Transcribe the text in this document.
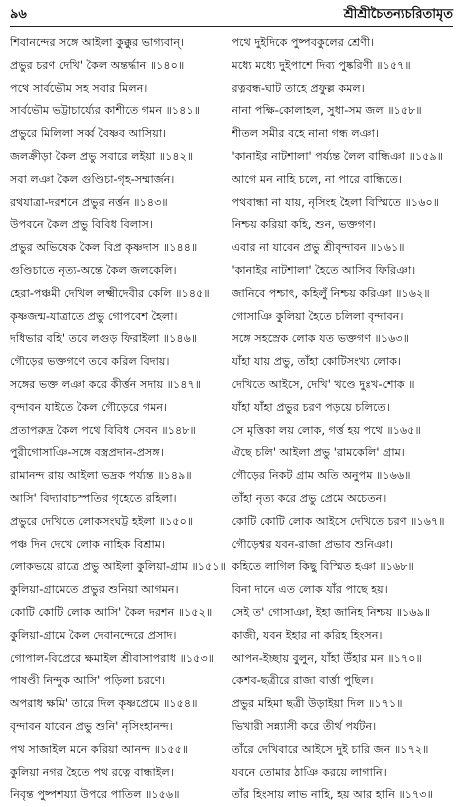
৯৬	শ্রীশ্রীচৈতন্যচরিতামৃত
শিবানন্দের সঙ্গে আইলা কুক্কুর ভাগ্যবান্।
প্রভুর চরণ দেখি' কৈল অন্তর্দ্ধান ॥১৪০॥
পথে সার্বভৌম সহ সবার মিলন।
সার্বভৌম ভট্টাচার্য্যের কাশীতে গমন ॥১৪১॥
প্রভুরে মিলিলা সর্ব্ব বৈষ্ণব আসিয়া।
জলক্রীড়া কৈল প্রভু সবারে লইয়া ॥১৪২॥
সবা লঞা কৈল গুণ্ডিচা-গৃহ-সম্মার্জন।
রথযাত্রা-দরশনে প্রভুর নর্ত্তন ॥১৪৩॥
উপবনে কৈল প্রভু বিবিধ বিলাস।
প্রভুর অভিষেক কৈল বিপ্র কৃষ্ণদাস ॥১৪৪॥
গুণ্ডিচাতে নৃত্য-অন্তে কৈল জলকেলি।
হেরা-পঞ্চমী দেখিল লক্ষ্মীদেবীর কেলি ॥১৪৫॥
কৃষ্ণজন্ম-যাত্রাতে প্রভু গোপবেশ হৈলা।
দধিভার বহি' তবে লগুড় ফিরাইলা ॥১৪৬॥
গৌড়ের ভক্তগণে তবে করিল বিদায়।
সঙ্গের ভক্ত লঞা করে কীর্ত্তন সদায় ॥১৪৭॥
বৃন্দাবন যাইতে কৈল গৌড়েরে গমন।
প্রতাপরুদ্র কৈল পথে বিবিধ সেবন ॥১৪৮॥
পুরীগোসাঞি-সঙ্গে বস্ত্রপ্রদান-প্রসঙ্গ।
রামানন্দ রায় আইলা ভদ্রক পর্য্যন্ত ॥১৪৯॥
আসি' বিদ্যাবাচস্পতির গৃহেতে রহিলা।
প্রভুরে দেখিতে লোকসংঘট্ট হইলা ॥১৫০॥
পঞ্চ দিন দেখে লোক নাহিক বিশ্রাম।
লোকভয়ে রাত্রে প্রভু আইলা কুলিয়া-গ্রাম ॥১৫১॥
কুলিয়া-গ্রামেতে প্রভুর শুনিয়া আগমন।
কোটি কোটি লোক আসি' কৈল দরশন ॥১৫২॥
কুলিয়া-গ্রামে কৈল দেবানন্দেরে প্রসাদ।
গোপাল-বিপ্রেরে ক্ষমাইল শ্রীবাসাপরাধ ॥১৫৩॥
পাষণ্ডী নিন্দুক আসি' পড়িলা চরণে।
অপরাধ ক্ষমি' তারে দিল কৃষ্ণপ্রেমে ॥১৫৪॥
বৃন্দাবন যাবেন প্রভু শুনি' নৃসিংহানন্দ।
পথ সাজাইল মনে করিয়া আনন্দ ॥১৫৫॥
কুলিয়া নগর হৈতে পথ রত্নে বান্ধাইল।
নিবৃন্ত পুষ্পশয্যা উপরে পাতিল ॥১৫৬॥
পথে দুইদিকে পুষ্পবকুলের শ্রেণী।
মধ্যে মধ্যে দুইপাশে দিব্য পুষ্করিণী ॥১৫৭॥
রত্নবন্ধ-ঘাট তাহে প্রফুল্ল কমল।
নানা পক্ষি-কোলাহল, সুধা-সম জল ॥১৫৮॥
শীতল সমীর বহে নানা গন্ধ লঞা।
'কানাইর নাটশালা' পর্য্যন্ত লৈল বান্ধিঞা ॥১৫৯॥
আগে মন নাহি চলে, না পারে বান্ধিতে।
পথবান্ধা না যায়, নৃসিংহ হৈলা বিস্মিতে ॥১৬০॥
নিশ্চয় করিয়া কহি, শুন, ভক্তগণ।
এবার না যাবেন প্রভু শ্রীবৃন্দাবন ॥১৬১॥
'কানাইর নাটশালা' হৈতে আসিব ফিরিঞা।
জানিবে পশ্চাৎ, কহিলুঁ নিশ্চয় করিঞা ॥১৬২॥
গোসাঞি কুলিয়া হৈতে চলিলা বৃন্দাবন।
সঙ্গে সহস্রেক লোক যত ভক্তগণ ॥১৬৩॥
যাঁহা যায় প্রভু, তাঁহা কোটিসংখ্য লোক।
দেখিতে আইসে, দেখি' খণ্ডে দুঃখ-শোক ॥
যাঁহা যাঁহা প্রভুর চরণ পড়য়ে চলিতে।
সে মৃত্তিকা লয় লোক, গর্ত্ত হয় পথে ॥১৬৫॥
ঐছে চলি' আইলা প্রভু 'রামকেলি' গ্রাম।
গৌড়ের নিকট গ্রাম অতি অনুপম ॥১৬৬॥
তাঁহা নৃত্য করে প্রভু প্রেমে অচেতন।
কোটি কোটি লোক আইসে দেখিতে চরণ ॥১৬৭॥
গৌড়েশ্বর যবন-রাজা প্রভাব শুনিঞা।
কহিতে লাগিল কিছু বিস্মিত হঞা ॥১৬৮॥
বিনা দানে এত লোক যাঁর পাছে হয়।
সেই ত' গোসাঞা, ইহা জানিহ নিশ্চয় ॥১৬৯॥
কাজী, যবন ইহার না করিহ হিংসন।
আপন-ইচ্ছায় বুলুন, যাঁহা উঁহার মন ॥১৭০॥
কেশব-ছত্রীরে রাজা বার্ত্তা পুছিল।
প্রভুর মহিমা ছত্রী উড়াইয়া দিল ॥১৭১॥
ভিখারী সন্ন্যাসী করে তীর্থ পর্যটন।
তাঁরে দেখিবারে আইসে দুই চারি জন ॥১৭২॥
যবনে তোমার ঠাঞি করয়ে লাগানি।
তাঁর হিংসায় লাভ নাহি, হয় আর হানি ॥১৭৩॥
